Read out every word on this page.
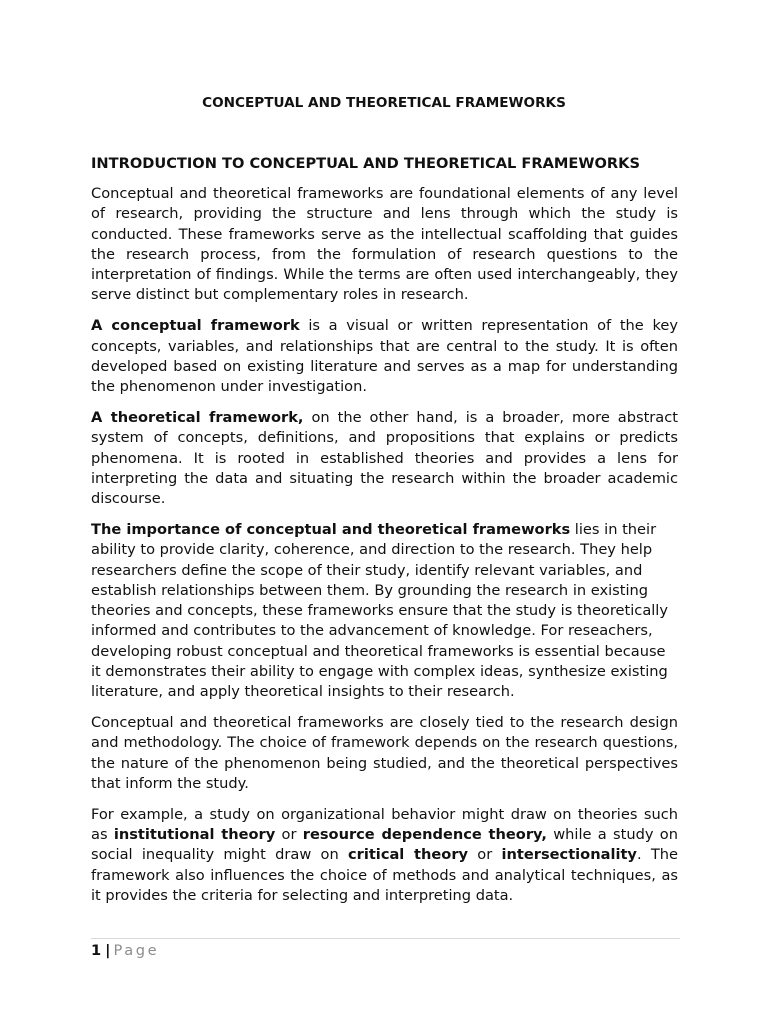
CONCEPTUAL AND THEORETICAL FRAMEWORKS
INTRODUCTION TO CONCEPTUAL AND THEORETICAL FRAMEWORKS

Conceptual and theoretical frameworks are foundational elements of any level of research, providing the structure and lens through which the study is conducted. These frameworks serve as the intellectual scaffolding that guides the research process, from the formulation of research questions to the interpretation of findings. While the terms are often used interchangeably, they serve distinct but complementary roles in research.

A conceptual framework is a visual or written representation of the key concepts, variables, and relationships that are central to the study. It is often developed based on existing literature and serves as a map for understanding the phenomenon under investigation.

A theoretical framework, on the other hand, is a broader, more abstract system of concepts, definitions, and propositions that explains or predicts phenomena. It is rooted in established theories and provides a lens for interpreting the data and situating the research within the broader academic discourse.

The importance of conceptual and theoretical frameworks lies in their ability to provide clarity, coherence, and direction to the research. They help researchers define the scope of their study, identify relevant variables, and establish relationships between them. By grounding the research in existing theories and concepts, these frameworks ensure that the study is theoretically informed and contributes to the advancement of knowledge. For reseachers, developing robust conceptual and theoretical frameworks is essential because it demonstrates their ability to engage with complex ideas, synthesize existing literature, and apply theoretical insights to their research.

Conceptual and theoretical frameworks are closely tied to the research design and methodology. The choice of framework depends on the research questions, the nature of the phenomenon being studied, and the theoretical perspectives that inform the study.

For example, a study on organizational behavior might draw on theories such as institutional theory or resource dependence theory, while a study on social inequality might draw on critical theory or intersectionality. The framework also influences the choice of methods and analytical techniques, as it provides the criteria for selecting and interpreting data.

1 | Page
